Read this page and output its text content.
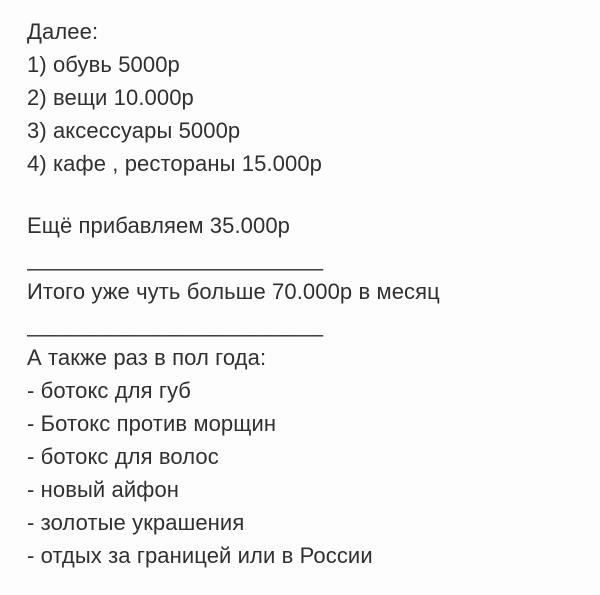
Далее:
1) обувь 5000р
2) вещи 10.000р
3) аксессуары 5000р
4) кафе , рестораны 15.000р
Ещё прибавляем 35.000р
________________________
Итого уже чуть больше 70.000р в месяц
________________________
А также раз в пол года:
- ботокс для губ
- Ботокс против морщин
- ботокс для волос
- новый айфон
- золотые украшения
- отдых за границей или в России
